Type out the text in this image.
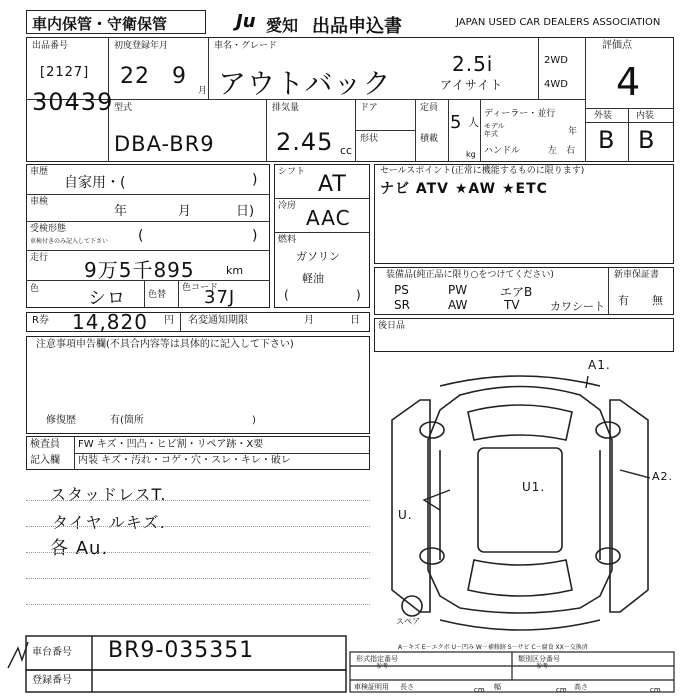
車内保管・守衛保管	Ju 愛知 出品申込書	JAPAN USED CAR DEALERS ASSOCIATION
出品番号
[2127]
30439
初度登録年月
22 9
月
車名・グレード
アウトバック
2.5i
アイサイト
2WD
4WD
評価点
4
型式
DBA-BR9
排気量
2.45 cc
ドア
形状
定員
5 人
積載
kg
ディーラー・並行
モデル
年式	年
ハンドル	左 右
外装	内装
B B
車歴
自家用・(	)
車検
年	月	日)
受検形態
車検付きのみ記入して下さい (	)
走行 9万5千895	km
色	シロ 色替
色コード
37J
シフト AT
冷房 AAC
燃料
ガソリン
軽油
(	)
セールスポイント(正常に機能するものに限ります)
ナビ ATV ★AW ★ETC
装備品(純正品に限り○をつけてください)
PS	PW	エアB
SR	AW	TV	カワシート
新車保証書
有 無
R券 14,820 円 名変通知期限	月	日 後日品
注意事項申告欄(不具合内容等は具体的に記入して下さい)
修復歴	有(箇所	)
検査員
記入欄
FW キズ・凹凸・ヒビ割・リペア跡・X要
内装 キズ・汚れ・コゲ・穴・スレ・キレ・破レ
スタッドレスT.
タイヤ ルキズ.
各 Au.
A1.
U1.
A2.
U.
スペア
A－キズ E－エクボ U－凹み W－補修跡 S－サビ C－腐食 XX－交換済
車台番号 BR9-035351
登録番号
形式指定番号
参考
類別区分番号
参考
車検証明用 長さ	cm 幅	cm 高さ	cm
